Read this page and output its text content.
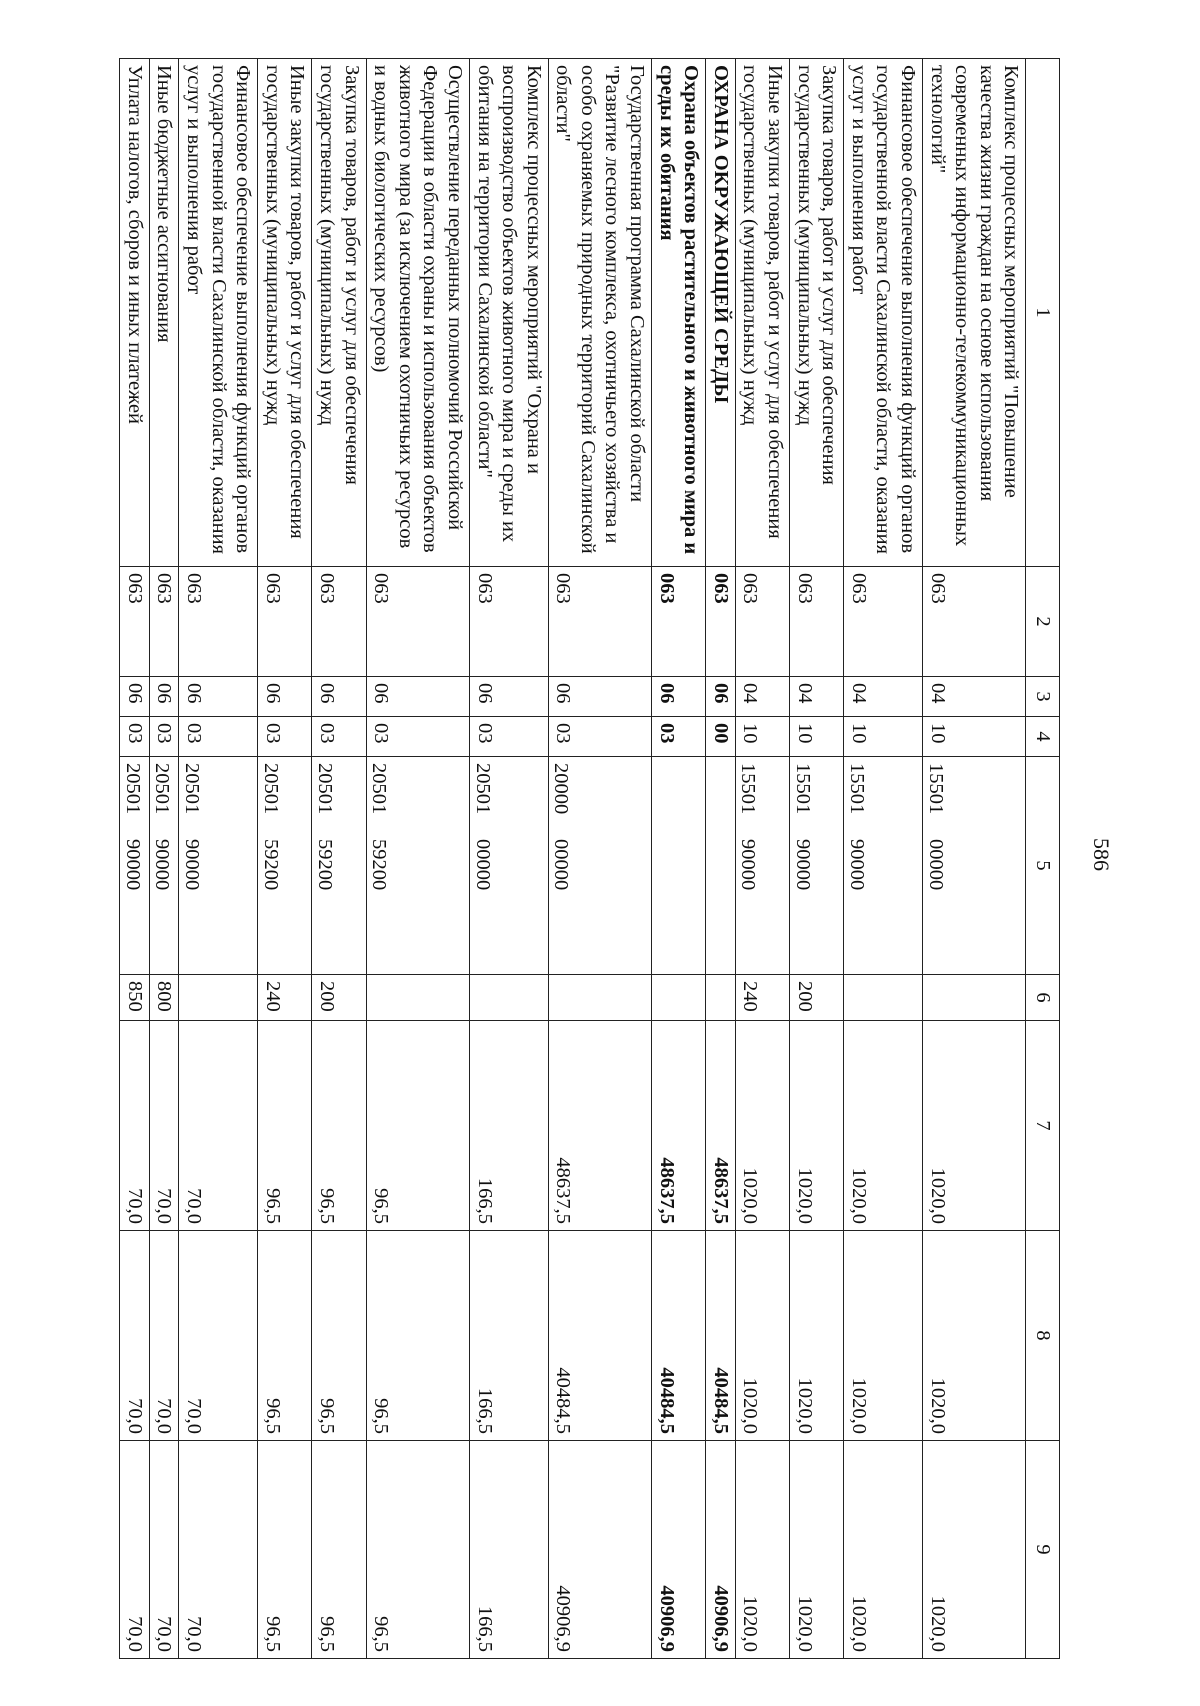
586
1	2	3	4	5	6	7	8	9
Комплекс процессных мероприятий "Повышение качества жизни граждан на основе использования современных информационно-телекоммуникационных технологий"	063	04	10	1550100000		1020,0	1020,0	1020,0
Финансовое обеспечение выполнения функций органов государственной власти Сахалинской области, оказания услуг и выполнения работ	063	04	10	1550190000		1020,0	1020,0	1020,0
Закупка товаров, работ и услуг для обеспечения государственных (муниципальных) нужд	063	04	10	1550190000	200	1020,0	1020,0	1020,0
Иные закупки товаров, работ и услуг для обеспечения государственных (муниципальных) нужд	063	04	10	1550190000	240	1020,0	1020,0	1020,0
ОХРАНА ОКРУЖАЮЩЕЙ СРЕДЫ	063	06	00			48637,5	40484,5	40906,9
Охрана объектов растительного и животного мира и среды их обитания	063	06	03			48637,5	40484,5	40906,9
Государственная программа Сахалинской области "Развитие лесного комплекса, охотничьего хозяйства и особо охраняемых природных территорий Сахалинской области"	063	06	03	2000000000		48637,5	40484,5	40906,9
Комплекс процессных мероприятий "Охрана и воспроизводство объектов животного мира и среды их обитания на территории Сахалинской области"	063	06	03	2050100000		166,5	166,5	166,5
Осуществление переданных полномочий Российской Федерации в области охраны и использования объектов животного мира (за исключением охотничьих ресурсов и водных биологических ресурсов)	063	06	03	2050159200		96,5	96,5	96,5
Закупка товаров, работ и услуг для обеспечения государственных (муниципальных) нужд	063	06	03	2050159200	200	96,5	96,5	96,5
Иные закупки товаров, работ и услуг для обеспечения государственных (муниципальных) нужд	063	06	03	2050159200	240	96,5	96,5	96,5
Финансовое обеспечение выполнения функций органов государственной власти Сахалинской области, оказания услуг и выполнения работ	063	06	03	2050190000		70,0	70,0	70,0
Иные бюджетные ассигнования	063	06	03	2050190000	800	70,0	70,0	70,0
Уплата налогов, сборов и иных платежей	063	06	03	2050190000	850	70,0	70,0	70,0
